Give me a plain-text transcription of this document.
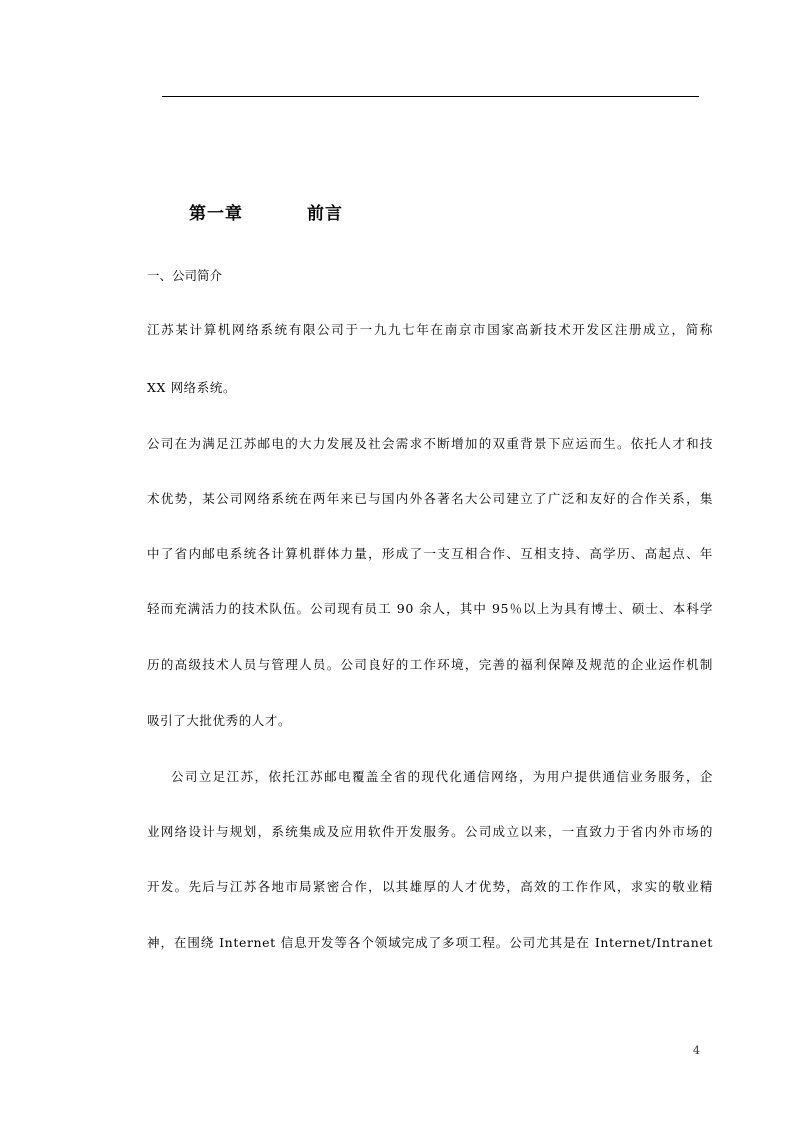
第一章	前言
一、公司简介
江苏某计算机网络系统有限公司于一九九七年在南京市国家高新技术开发区注册成立，简称
XX 网络系统。
公司在为满足江苏邮电的大力发展及社会需求不断增加的双重背景下应运而生。依托人才和技
术优势，某公司网络系统在两年来已与国内外各著名大公司建立了广泛和友好的合作关系，集
中了省内邮电系统各计算机群体力量，形成了一支互相合作、互相支持、高学历、高起点、年
轻而充满活力的技术队伍。公司现有员工 90 余人，其中 95％以上为具有博士、硕士、本科学
历的高级技术人员与管理人员。公司良好的工作环境，完善的福利保障及规范的企业运作机制
吸引了大批优秀的人才。
公司立足江苏，依托江苏邮电覆盖全省的现代化通信网络，为用户提供通信业务服务，企
业网络设计与规划，系统集成及应用软件开发服务。公司成立以来，一直致力于省内外市场的
开发。先后与江苏各地市局紧密合作，以其雄厚的人才优势，高效的工作作风，求实的敬业精
神，在围绕 Internet 信息开发等各个领域完成了多项工程。公司尤其是在 Internet/Intranet
4
